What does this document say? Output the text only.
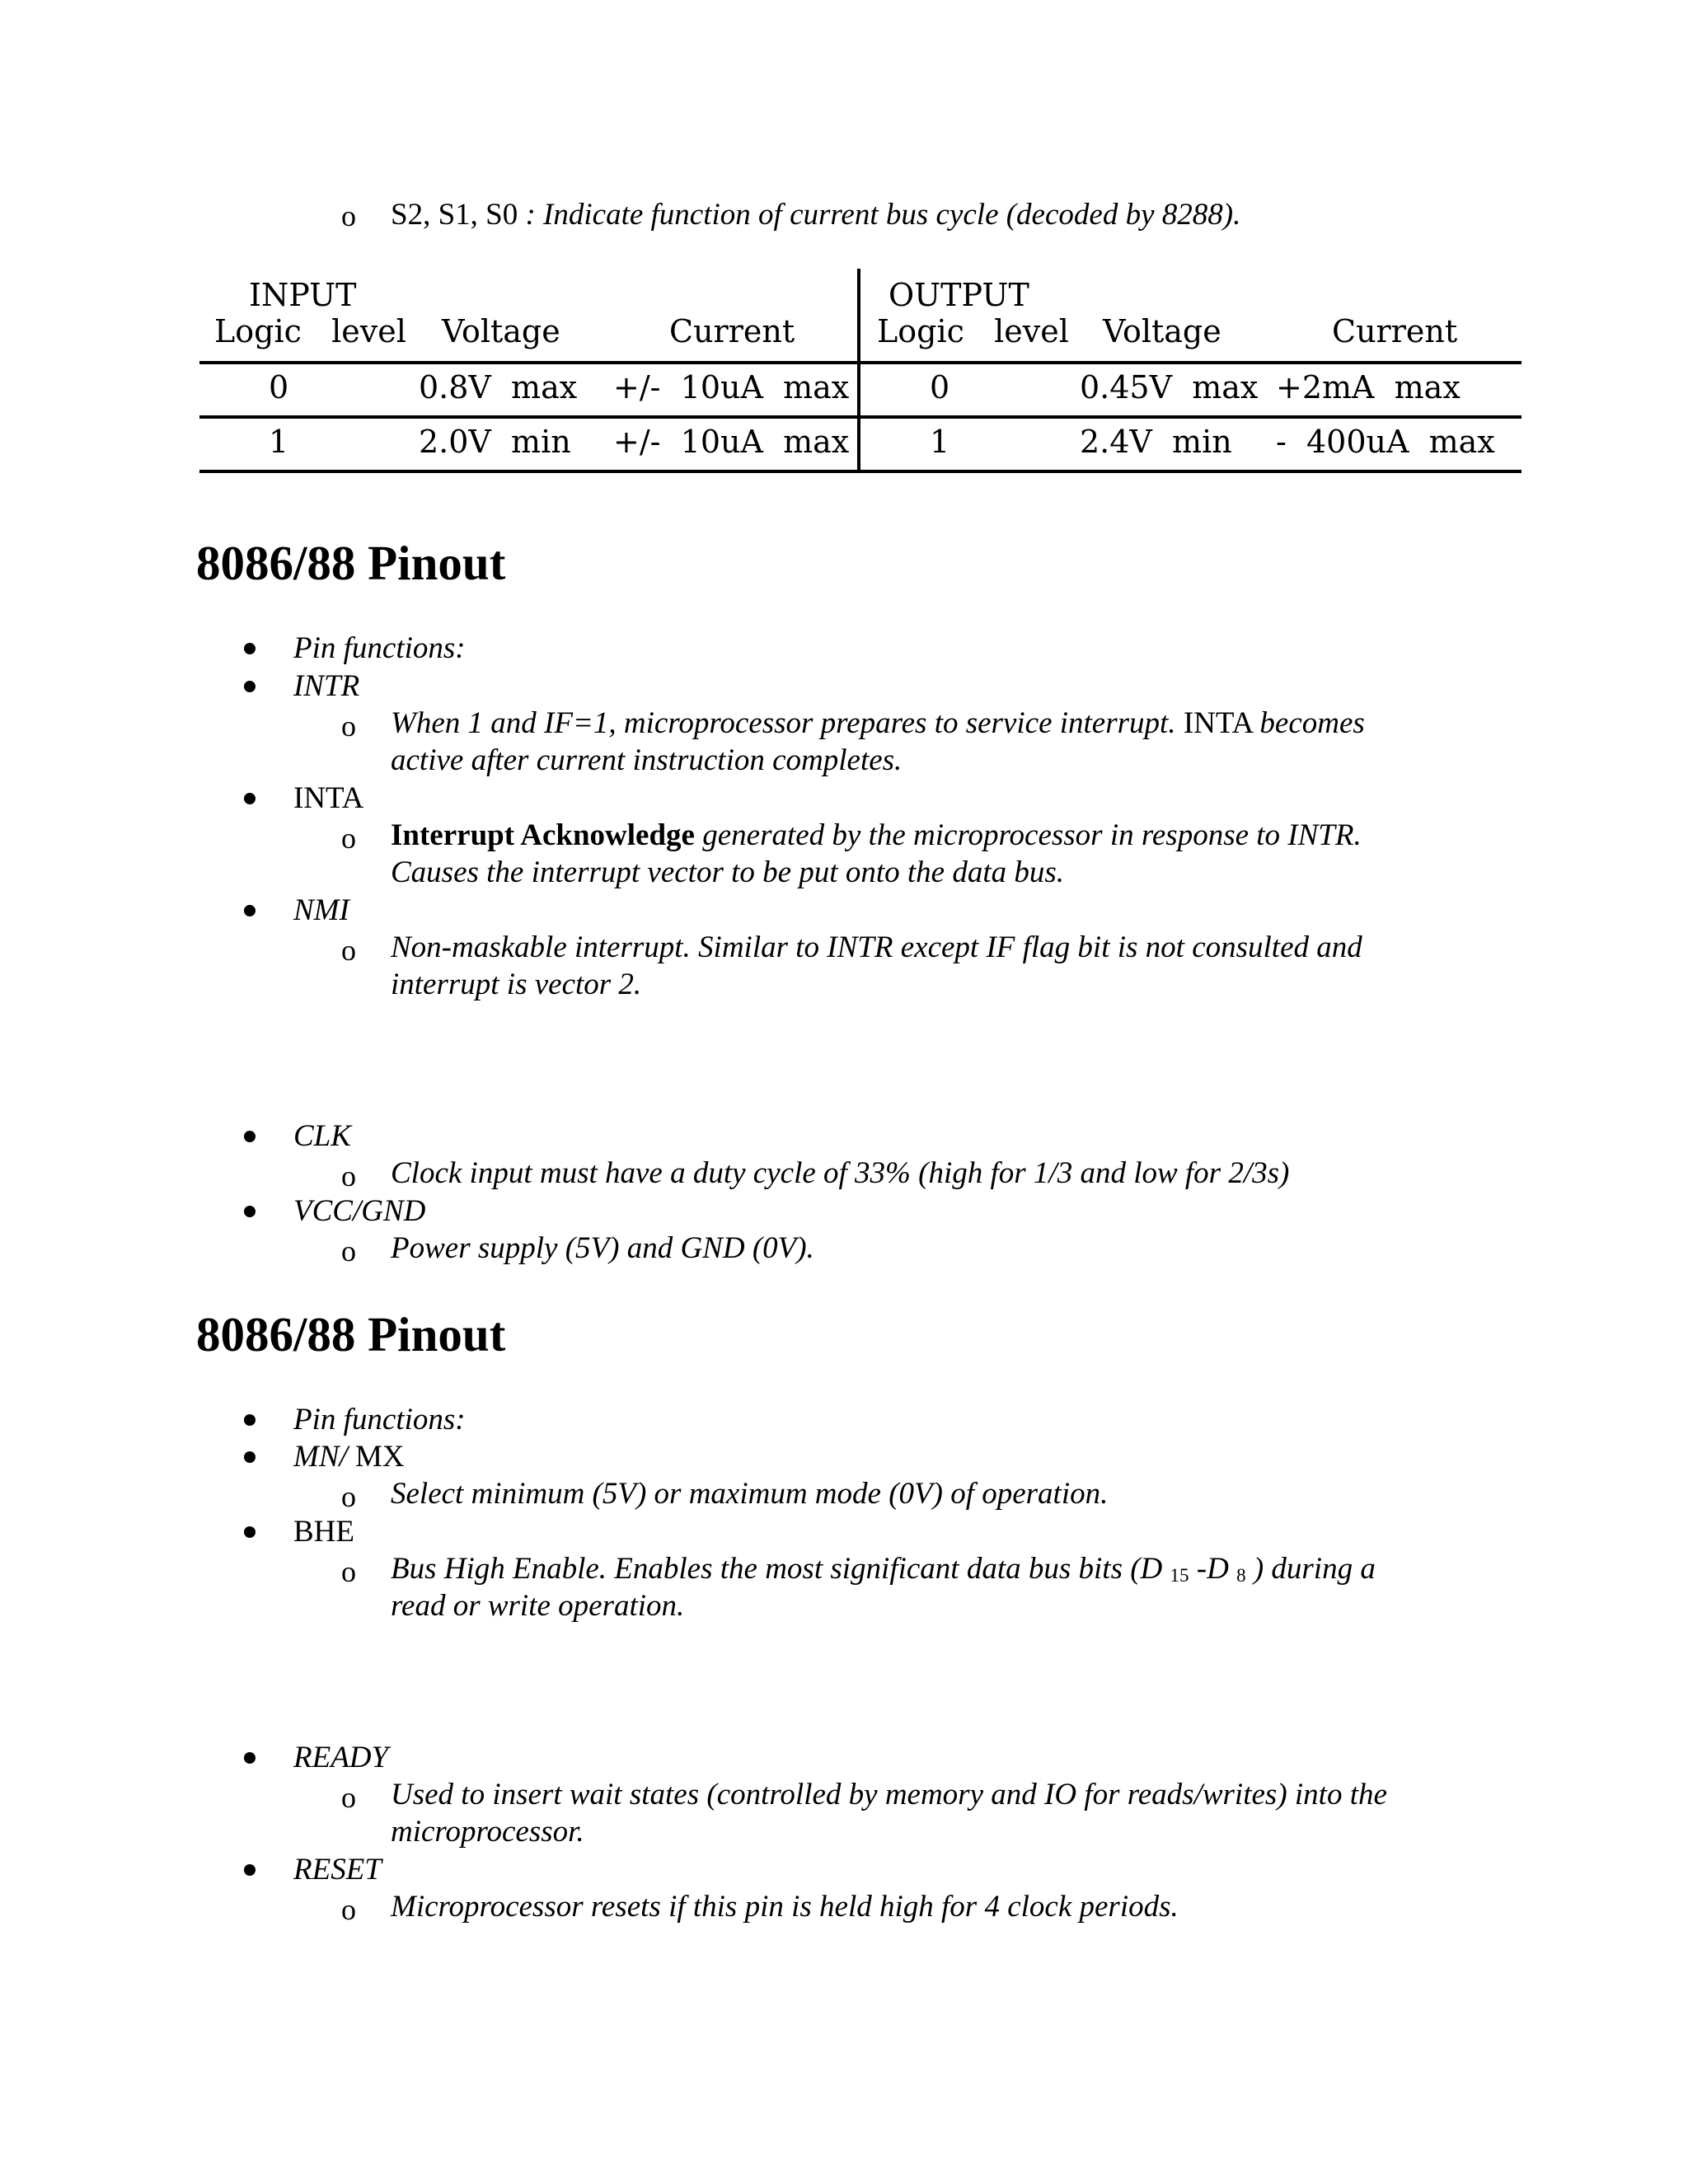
o S2, S1, S0 : Indicate function of current bus cycle (decoded by 8288).
INPUT	OUTPUT
Logic   level Voltage	Current	Logic   level Voltage	Current
0	0.8V  max +/-  10uA  max	0	0.45V  max +2mA  max
1	2.0V  min +/-  10uA  max	1	2.4V  min -  400uA  max
8086/88 Pinout
Pin functions:
INTR
o When 1 and IF=1, microprocessor prepares to service interrupt. INTA becomes
active after current instruction completes.
INTA
o Interrupt Acknowledge generated by the microprocessor in response to INTR.
Causes the interrupt vector to be put onto the data bus.
NMI
o Non-maskable interrupt. Similar to INTR except IF flag bit is not consulted and
interrupt is vector 2.
CLK
o Clock input must have a duty cycle of 33% (high for 1/3 and low for 2/3s)
VCC/GND
o Power supply (5V) and GND (0V).
8086/88 Pinout
Pin functions:
MN/ MX
o Select minimum (5V) or maximum mode (0V) of operation.
BHE
o Bus High Enable. Enables the most significant data bus bits (D $_{15}$ -D $_8$ ) during a
read or write operation.
READY
o Used to insert wait states (controlled by memory and IO for reads/writes) into the
microprocessor.
RESET
o Microprocessor resets if this pin is held high for 4 clock periods.
